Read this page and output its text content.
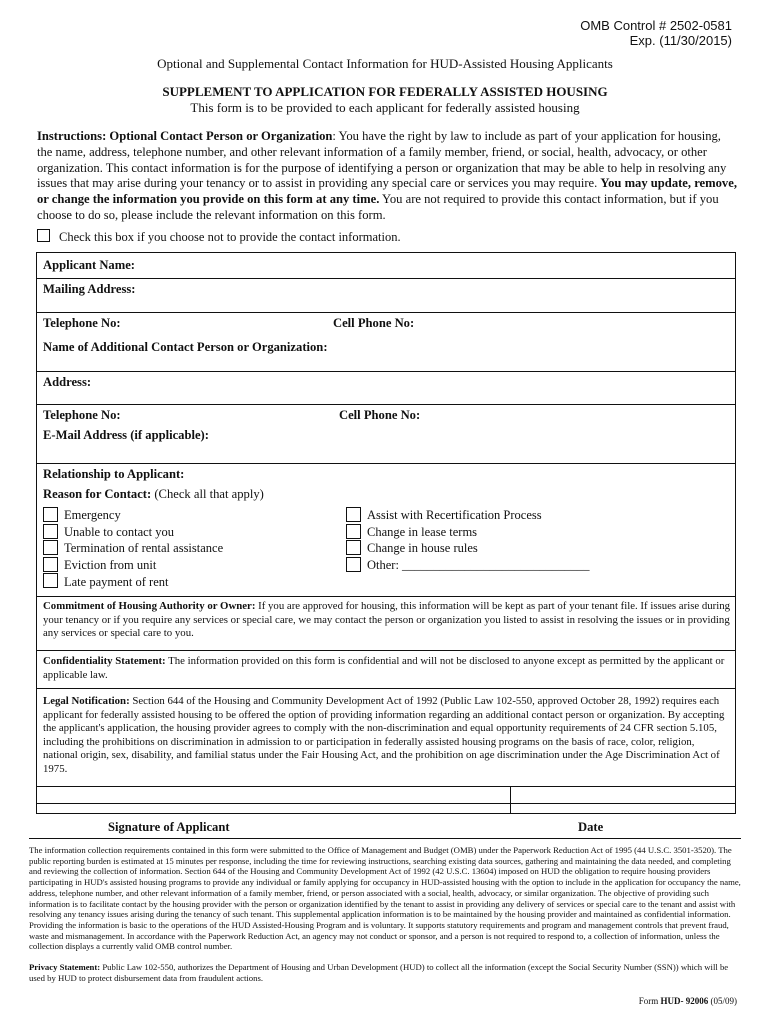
OMB Control # 2502-0581
Exp. (11/30/2015)
Optional and Supplemental Contact Information for HUD-Assisted Housing Applicants
SUPPLEMENT TO APPLICATION FOR FEDERALLY ASSISTED HOUSING
This form is to be provided to each applicant for federally assisted housing
Instructions: Optional Contact Person or Organization: You have the right by law to include as part of your application for housing, the name, address, telephone number, and other relevant information of a family member, friend, or social, health, advocacy, or other organization. This contact information is for the purpose of identifying a person or organization that may be able to help in resolving any issues that may arise during your tenancy or to assist in providing any special care or services you may require. You may update, remove, or change the information you provide on this form at any time. You are not required to provide this contact information, but if you choose to do so, please include the relevant information on this form.
Check this box if you choose not to provide the contact information.
Applicant Name:
Mailing Address:
Telephone No:	Cell Phone No:
Name of Additional Contact Person or Organization:
Address:
Telephone No:	Cell Phone No:
E-Mail Address (if applicable):
Relationship to Applicant:
Reason for Contact: (Check all that apply)
Emergency
Unable to contact you
Termination of rental assistance
Eviction from unit
Late payment of rent
Assist with Recertification Process
Change in lease terms
Change in house rules
Other: ______________________________
Commitment of Housing Authority or Owner: If you are approved for housing, this information will be kept as part of your tenant file. If issues arise during your tenancy or if you require any services or special care, we may contact the person or organization you listed to assist in resolving the issues or in providing any services or special care to you.
Confidentiality Statement: The information provided on this form is confidential and will not be disclosed to anyone except as permitted by the applicant or applicable law.
Legal Notification: Section 644 of the Housing and Community Development Act of 1992 (Public Law 102-550, approved October 28, 1992) requires each applicant for federally assisted housing to be offered the option of providing information regarding an additional contact person or organization. By accepting the applicant's application, the housing provider agrees to comply with the non-discrimination and equal opportunity requirements of 24 CFR section 5.105, including the prohibitions on discrimination in admission to or participation in federally assisted housing programs on the basis of race, color, religion, national origin, sex, disability, and familial status under the Fair Housing Act, and the prohibition on age discrimination under the Age Discrimination Act of 1975.
Signature of Applicant	Date
The information collection requirements contained in this form were submitted to the Office of Management and Budget (OMB) under the Paperwork Reduction Act of 1995 (44 U.S.C. 3501-3520). The public reporting burden is estimated at 15 minutes per response, including the time for reviewing instructions, searching existing data sources, gathering and maintaining the data needed, and completing and reviewing the collection of information. Section 644 of the Housing and Community Development Act of 1992 (42 U.S.C. 13604) imposed on HUD the obligation to require housing providers participating in HUD's assisted housing programs to provide any individual or family applying for occupancy in HUD-assisted housing with the option to include in the application for occupancy the name, address, telephone number, and other relevant information of a family member, friend, or person associated with a social, health, advocacy, or similar organization. The objective of providing such information is to facilitate contact by the housing provider with the person or organization identified by the tenant to assist in providing any delivery of services or special care to the tenant and assist with resolving any tenancy issues arising during the tenancy of such tenant. This supplemental application information is to be maintained by the housing provider and maintained as confidential information. Providing the information is basic to the operations of the HUD Assisted-Housing Program and is voluntary. It supports statutory requirements and program and management controls that prevent fraud, waste and mismanagement. In accordance with the Paperwork Reduction Act, an agency may not conduct or sponsor, and a person is not required to respond to, a collection of information, unless the collection displays a currently valid OMB control number.
Privacy Statement: Public Law 102-550, authorizes the Department of Housing and Urban Development (HUD) to collect all the information (except the Social Security Number (SSN)) which will be used by HUD to protect disbursement data from fraudulent actions.
Form HUD- 92006 (05/09)
